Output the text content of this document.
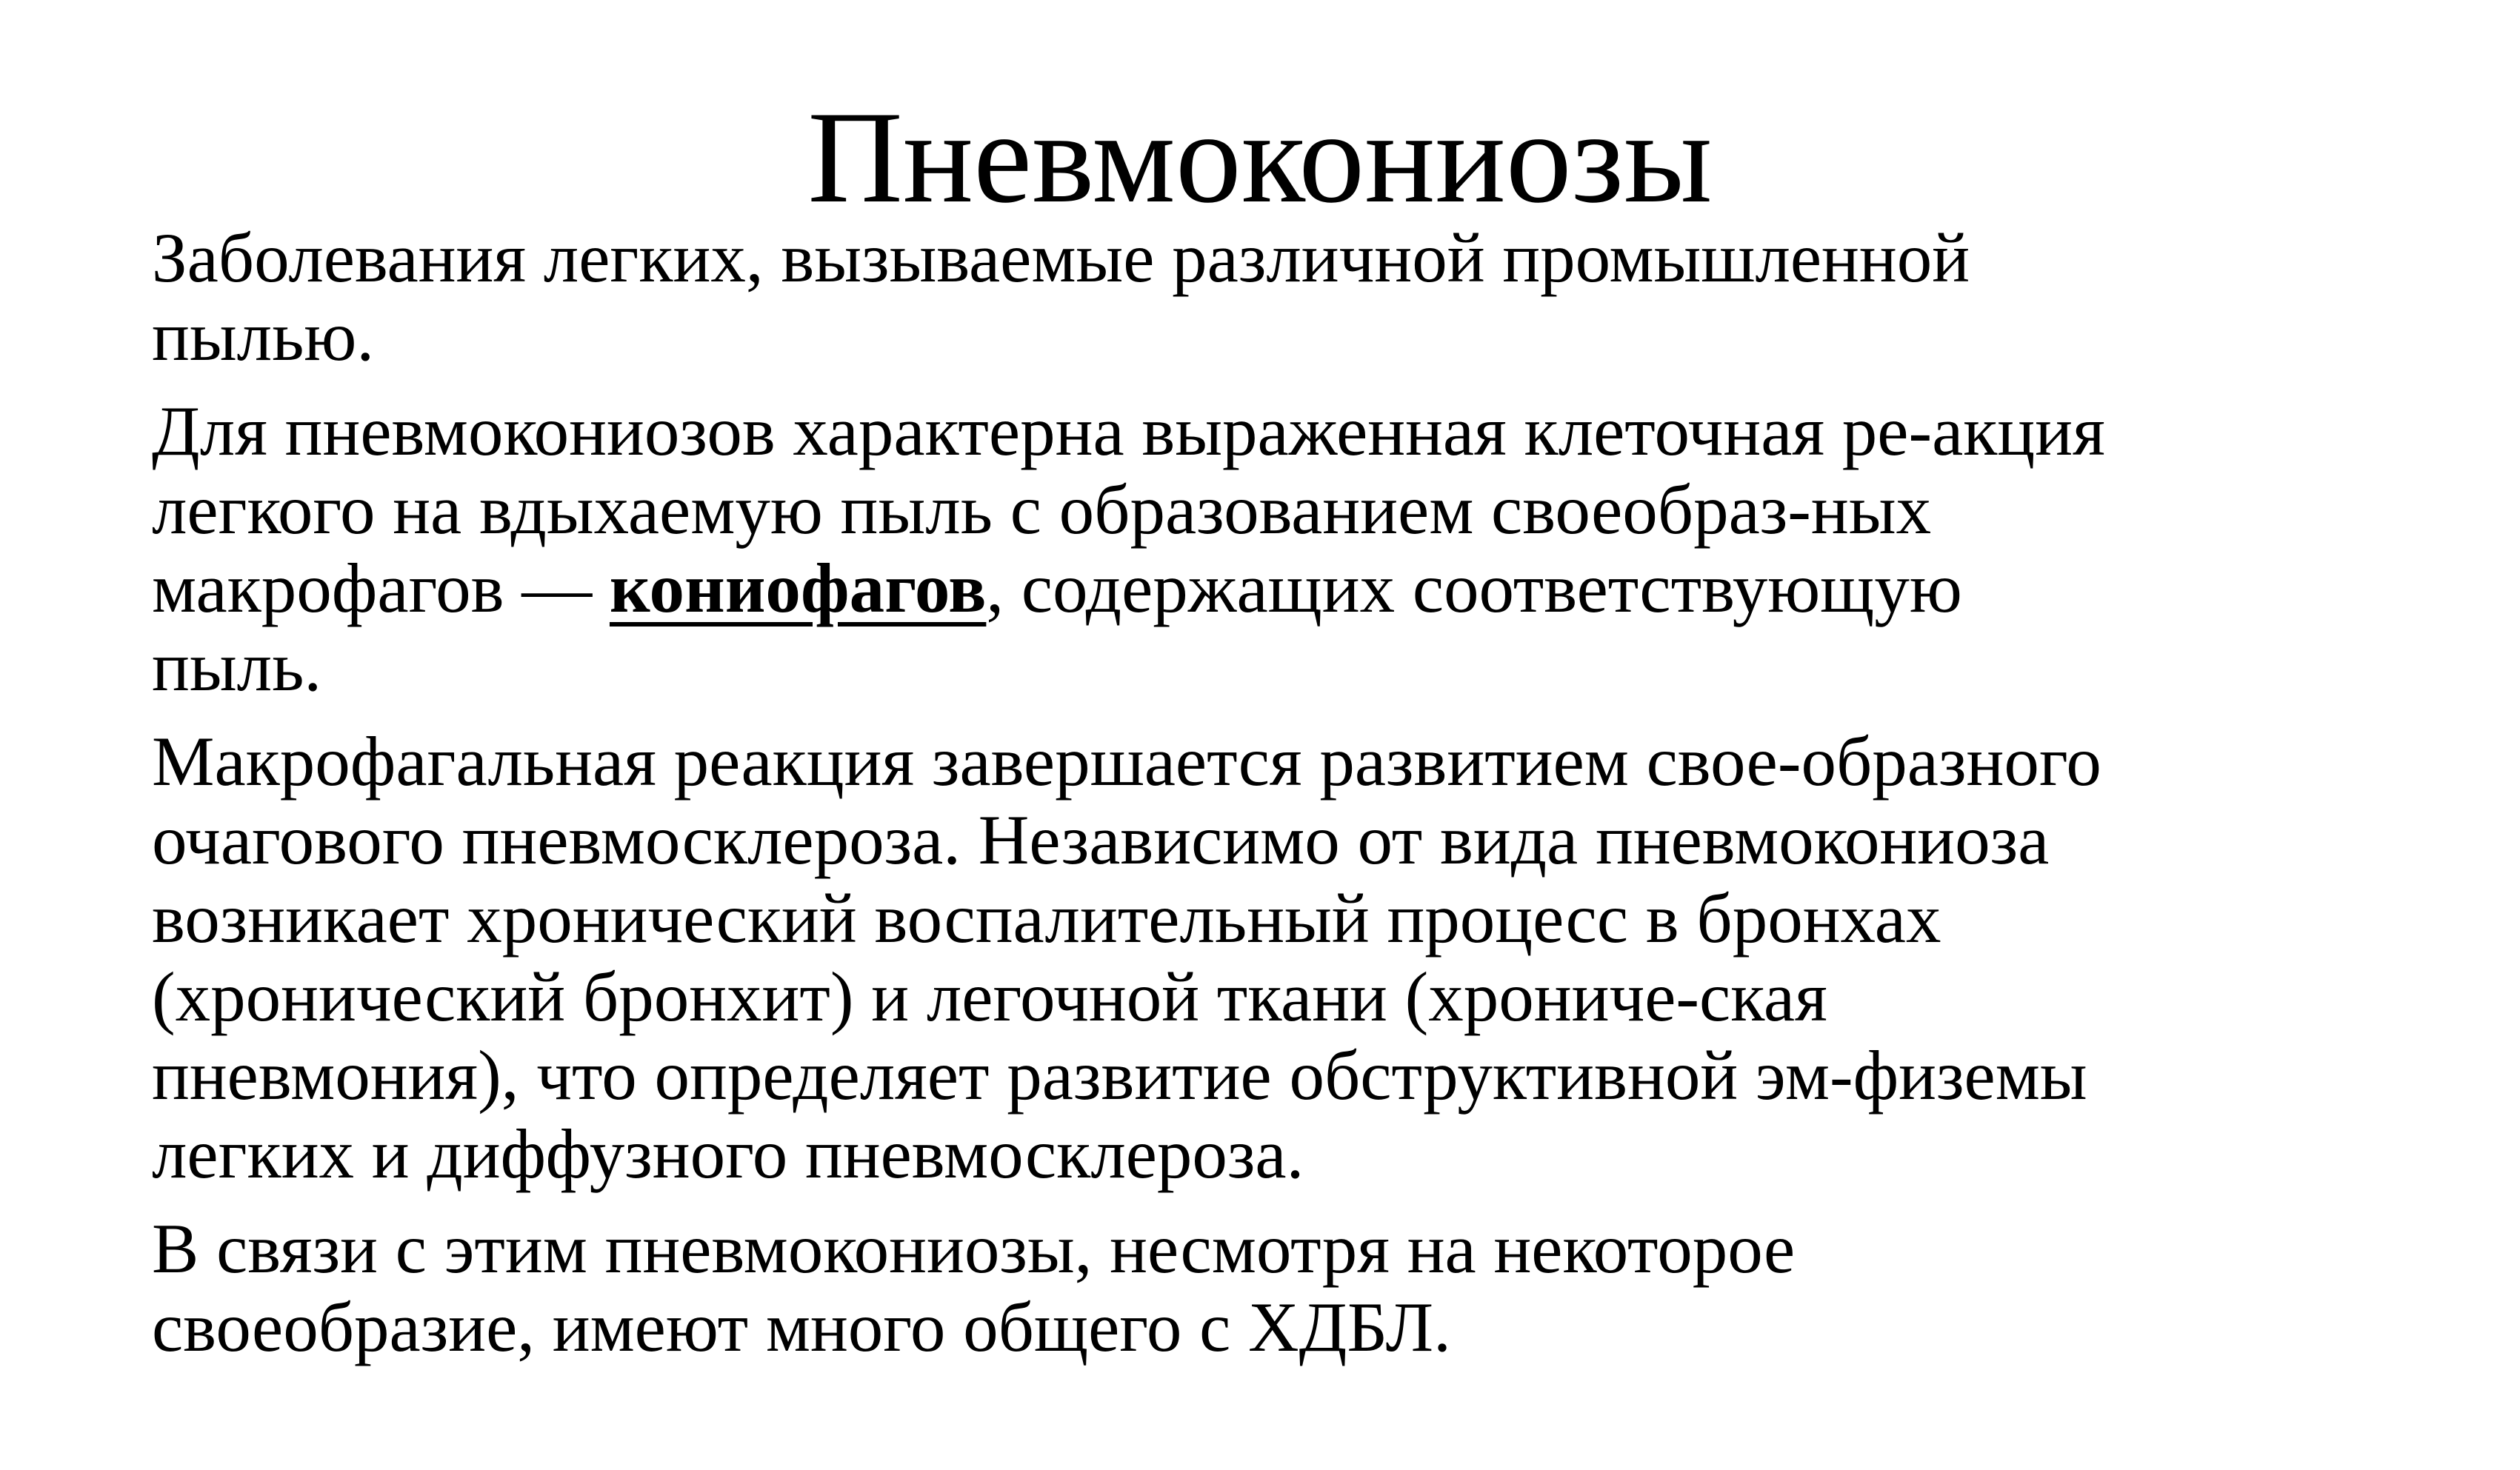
Пневмокониозы

Заболевания легких, вызываемые различной промышленной
пылью.

Для пневмокониозов характерна выраженная клеточная ре-акция
легкого на вдыхаемую пыль с образованием своеобраз-ных
макрофагов — кониофагов, содержащих соответствующую
пыль.

Макрофагальная реакция завершается развитием свое-образного
очагового пневмосклероза. Независимо от вида пневмокониоза
возникает хронический воспалительный процесс в бронхах
(хронический бронхит) и легочной ткани (хрониче-ская
пневмония), что определяет развитие обструктивной эм-физемы
легких и диффузного пневмосклероза.

В связи с этим пневмокониозы, несмотря на некоторое
своеобразие, имеют много общего с ХДБЛ.
